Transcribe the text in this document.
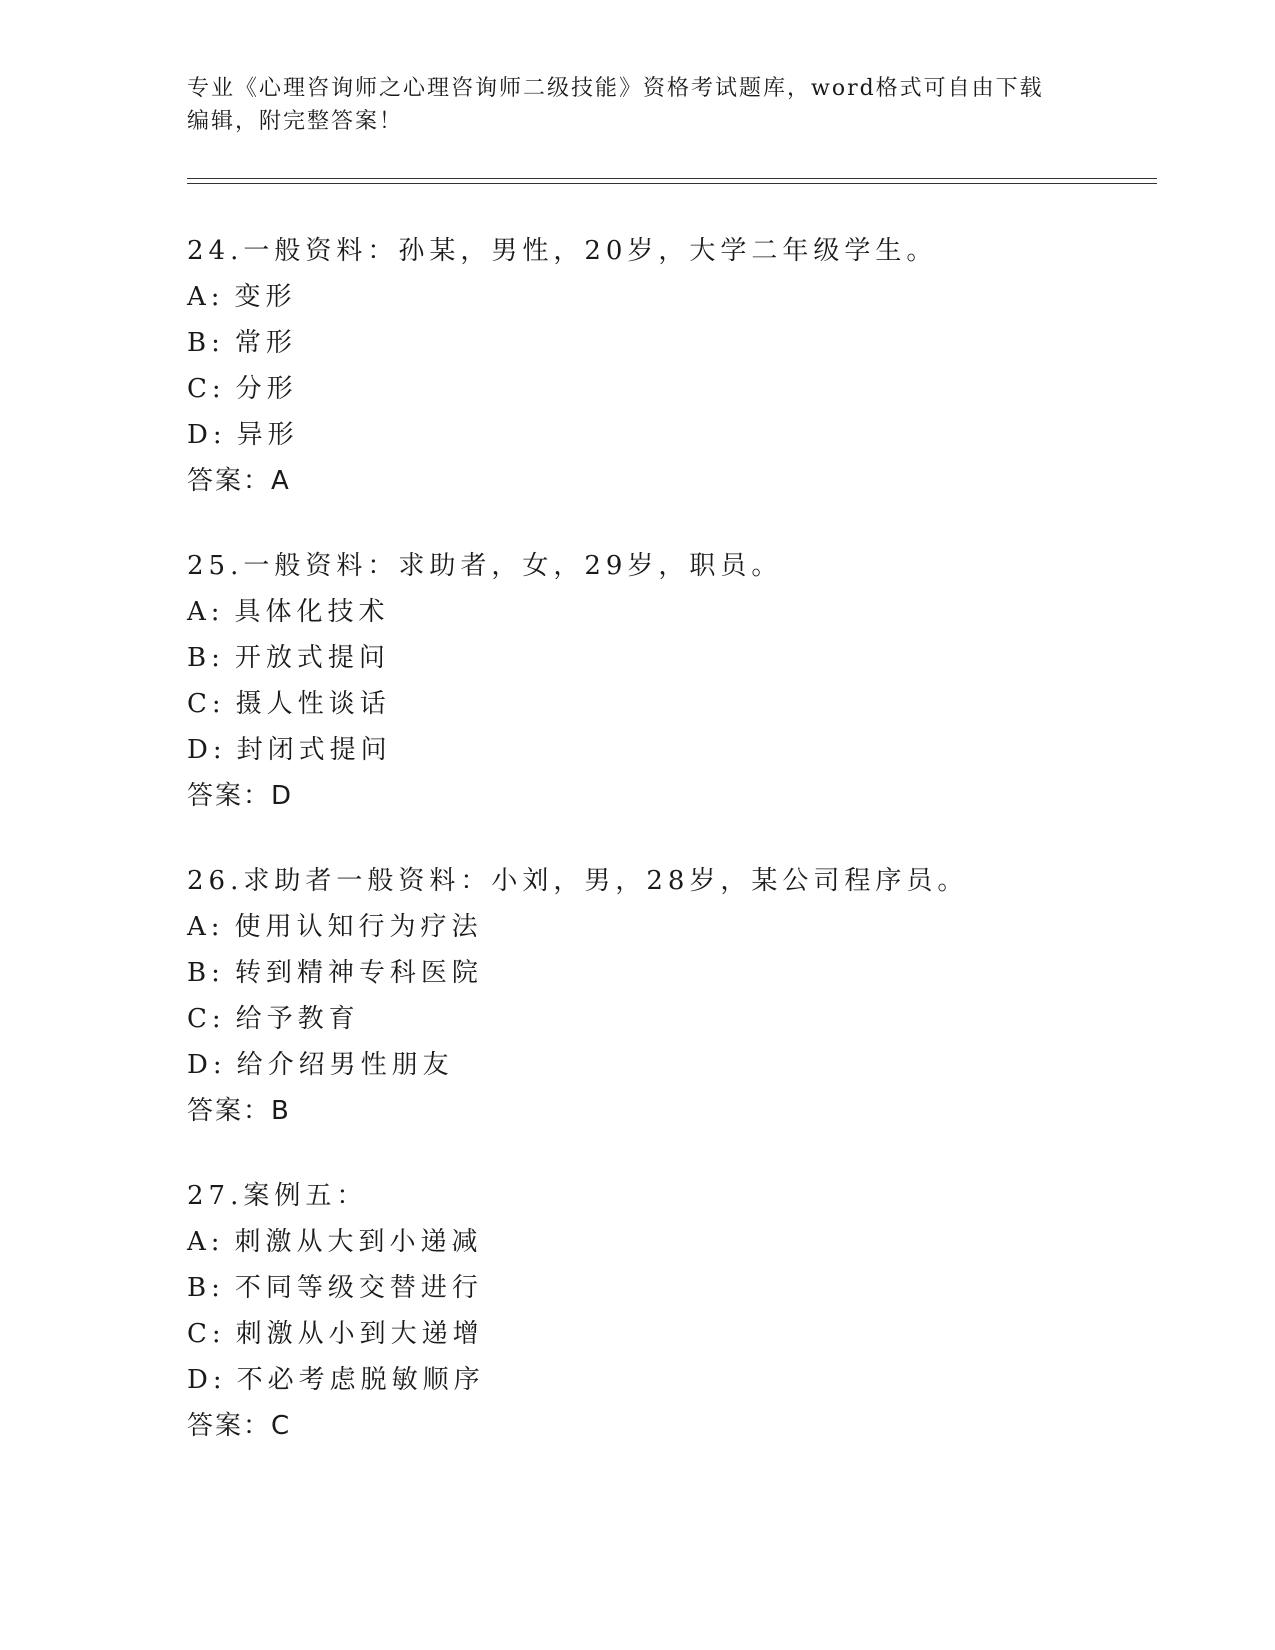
专业《心理咨询师之心理咨询师二级技能》资格考试题库，word格式可自由下载
编辑，附完整答案！
24.一般资料：孙某，男性，20岁，大学二年级学生。
A: 变形
B: 常形
C: 分形
D: 异形
答案：A
25.一般资料：求助者，女，29岁，职员。
A: 具体化技术
B: 开放式提问
C: 摄人性谈话
D: 封闭式提问
答案：D
26.求助者一般资料：小刘，男，28岁，某公司程序员。
A: 使用认知行为疗法
B: 转到精神专科医院
C: 给予教育
D: 给介绍男性朋友
答案：B
27.案例五：
A: 刺激从大到小递减
B: 不同等级交替进行
C: 刺激从小到大递增
D: 不必考虑脱敏顺序
答案：C
